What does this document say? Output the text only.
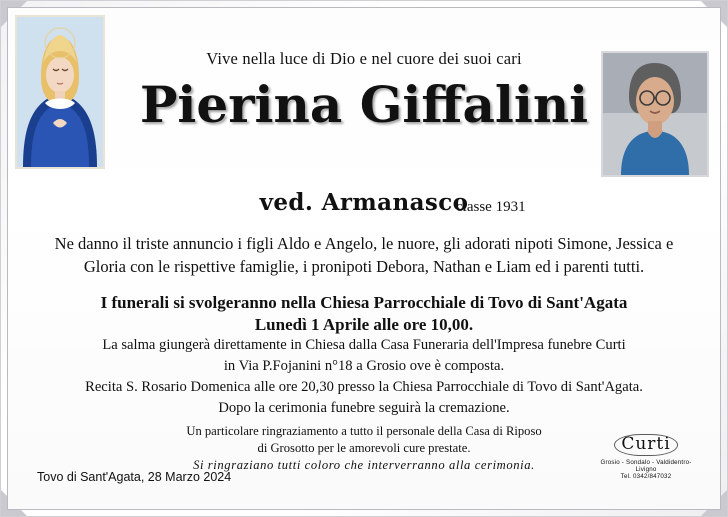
Vive nella luce di Dio e nel cuore dei suoi cari
Pierina Giffalini
ved. Armanasco
classe 1931
Ne danno il triste annuncio i figli Aldo e Angelo, le nuore, gli adorati nipoti Simone, Jessica e Gloria con le rispettive famiglie, i pronipoti Debora, Nathan e Liam ed i parenti tutti.
I funerali si svolgeranno nella Chiesa Parrocchiale di Tovo di Sant'Agata
Lunedì 1 Aprile alle ore 10,00.
La salma giungerà direttamente in Chiesa dalla Casa Funeraria dell'Impresa funebre Curti
in Via P.Fojanini n°18 a Grosio ove è composta.
Recita S. Rosario Domenica alle ore 20,30 presso la Chiesa Parrocchiale di Tovo di Sant'Agata.
Dopo la cerimonia funebre seguirà la cremazione.
Un particolare ringraziamento a tutto il personale della Casa di Riposo
di Grosotto per le amorevoli cure prestate.
Si ringraziano tutti coloro che interverranno alla cerimonia.
Tovo di Sant'Agata, 28 Marzo 2024
Curti
Grosio - Sondalo - Valdidentro-Livigno
Tel. 0342/847032
